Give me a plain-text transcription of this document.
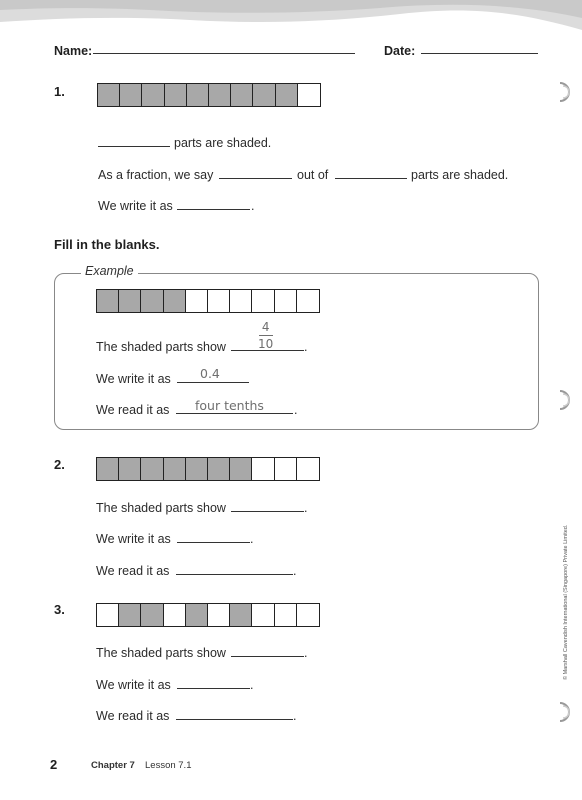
Name:	Date:
1.
parts are shaded.
As a fraction, we say	out of	parts are shaded.
We write it as	.
Fill in the blanks.
Example
The shaded parts show	.
4
10
We write it as 0.4
We read it as four tenths .
2.
The shaded parts show	.
We write it as	.
We read it as	.
3.
The shaded parts show	.
We write it as	.
We read it as	.
© Marshall Cavendish International (Singapore) Private Limited.
2	Chapter 7 Lesson 7.1
